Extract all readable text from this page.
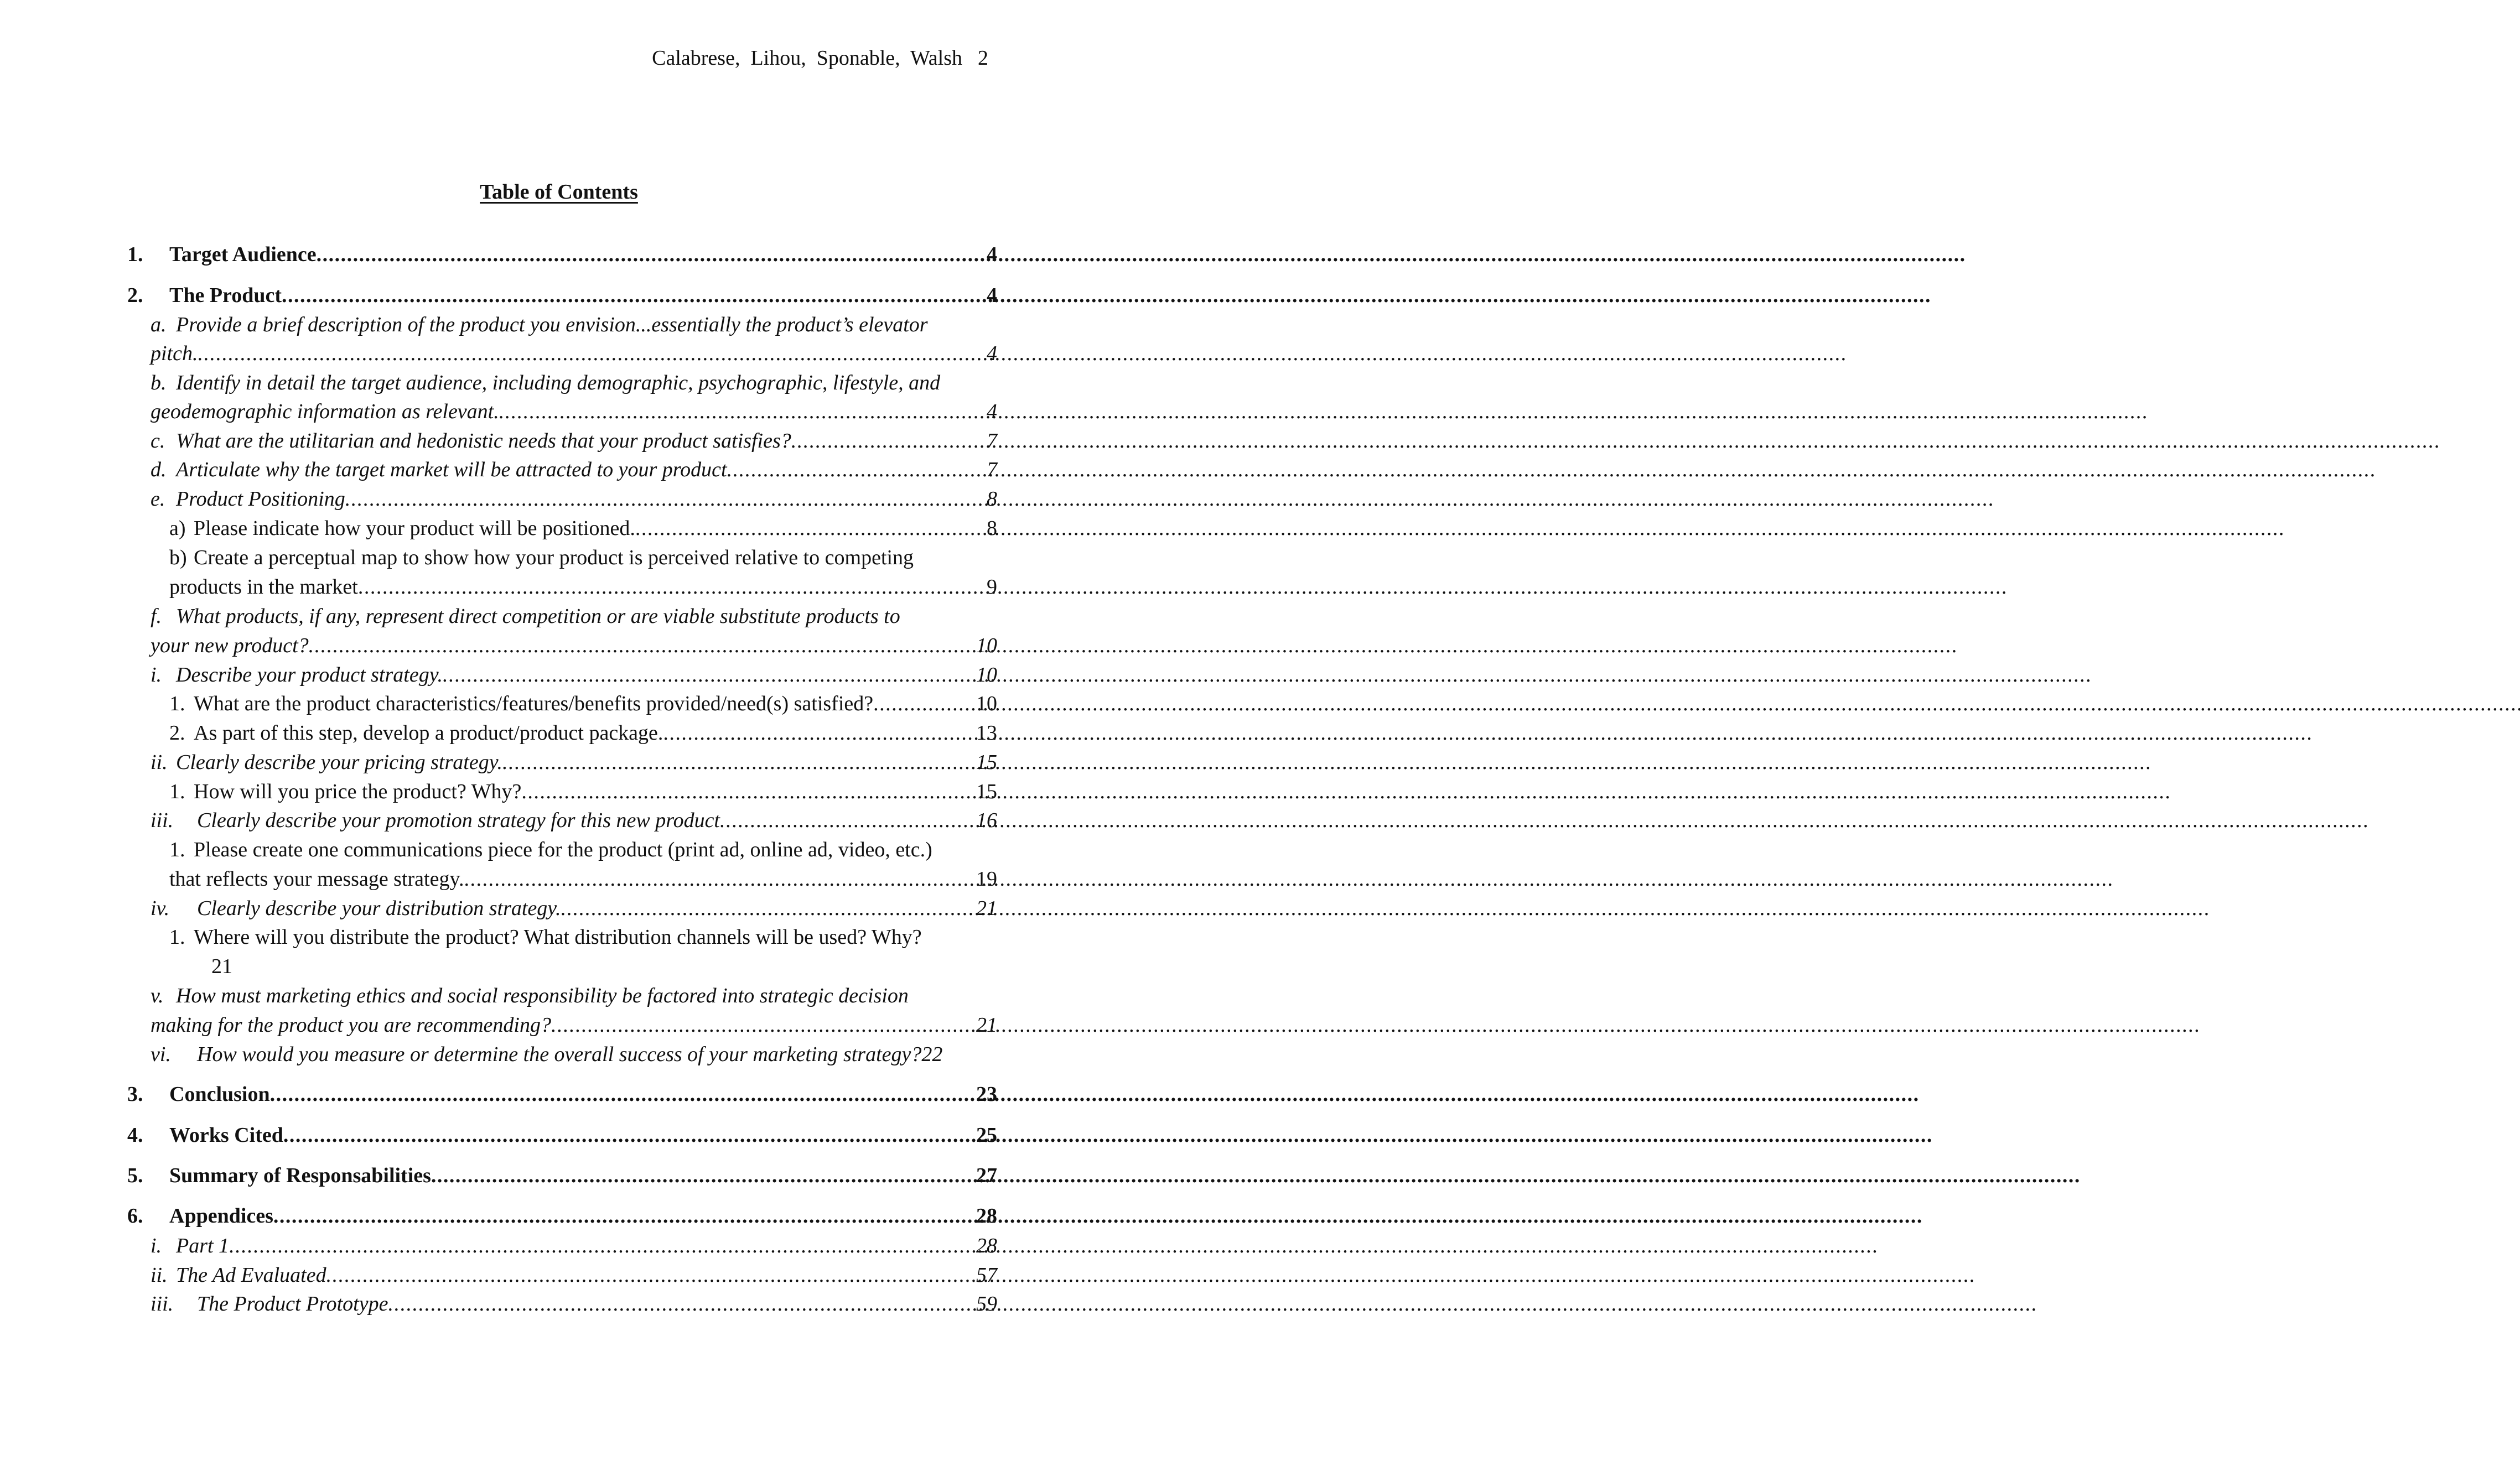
Calabrese,  Lihou,  Sponable,  Walsh 2
Table of Contents
1.	Target Audience . . .	4
2.	The Product . . .	4
a. Provide a brief description of the product you envision...essentially the product’s elevator
pitch. . . .	4
b. Identify in detail the target audience, including demographic, psychographic, lifestyle, and
geodemographic information as relevant. . . .	4
c. What are the utilitarian and hedonistic needs that your product satisfies? . . .	7
d. Articulate why the target market will be attracted to your product . . .	7
e. Product Positioning . . .	8
a) Please indicate how your product will be positioned. . . .	8
b) Create a perceptual map to show how your product is perceived relative to competing
products in the market . . .	9
f. What products, if any, represent direct competition or are viable substitute products to
your new product? . . .	10
i. Describe your product strategy. . . .	10
1. What are the product characteristics/features/benefits provided/need(s) satisfied? . . .	10
2. As part of this step, develop a product/product package. . . .	13
ii. Clearly describe your pricing strategy. . . .	15
1. How will you price the product? Why? . . .	15
iii.	Clearly describe your promotion strategy for this new product . . .	16
1. Please create one communications piece for the product (print ad, online ad, video, etc.)
that reflects your message strategy. . . .	19
iv.	Clearly describe your distribution strategy. . . .	21
1. Where will you distribute the product? What distribution channels will be used? Why?
21
v. How must marketing ethics and social responsibility be factored into strategic decision
making for the product you are recommending? . . .	21
vi.	How would you measure or determine the overall success of your marketing strategy? 22
3.	Conclusion . . .	23
4.	Works Cited . . .	25
5.	Summary of Responsabilities . . .	27
6.	Appendices . . .	28
i. Part 1 . . .	28
ii. The Ad Evaluated . . .	57
iii.	The Product Prototype . . .	59
